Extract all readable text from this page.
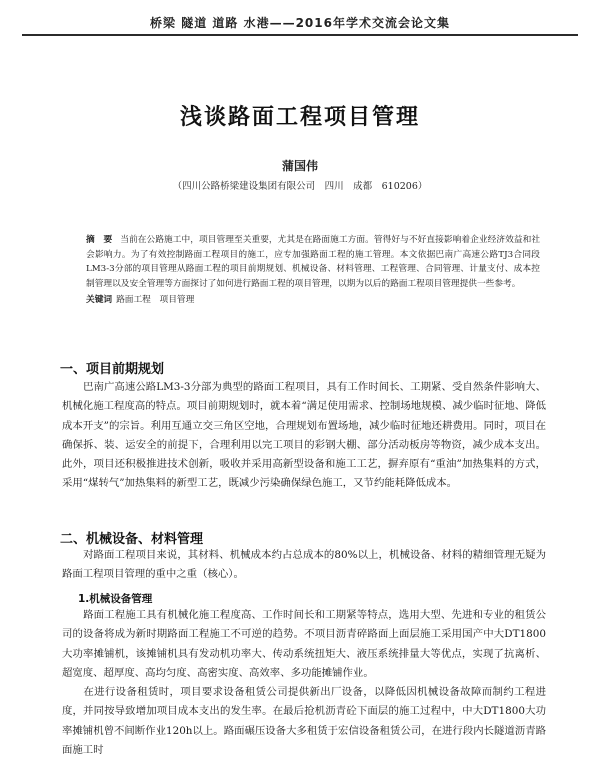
桥梁 隧道 道路 水港——2016年学术交流会论文集
浅谈路面工程项目管理
蒲国伟
（四川公路桥梁建设集团有限公司　四川　成都　610206）
摘　要 当前在公路施工中，项目管理至关重要，尤其是在路面施工方面。管得好与不好直接影响着企业经济效益和社会影响力。为了有效控制路面工程项目的施工，应专加强路面工程的施工管理。本文依据巴南广高速公路TJ3合同段LM3-3分部的项目管理从路面工程的项目前期规划、机械设备、材料管理、工程管理、合同管理、计量支付、成本控制管理以及安全管理等方面探讨了如何进行路面工程的项目管理，以期为以后的路面工程项目管理提供一些参考。
关键词 路面工程　项目管理
一、项目前期规划
巴南广高速公路LM3-3分部为典型的路面工程项目，具有工作时间长、工期紧、受自然条件影响大、机械化施工程度高的特点。项目前期规划时，就本着“满足使用需求、控制场地规模、减少临时征地、降低成本开支”的宗旨。利用互通立交三角区空地，合理规划布置场地，减少临时征地还耕费用。同时，项目在确保拆、装、运安全的前提下，合理利用以完工项目的彩钢大棚、部分活动板房等物资，减少成本支出。此外，项目还积极推进技术创新，吸收并采用高新型设备和施工工艺，摒弃原有“重油”加热集料的方式，采用“煤转气”加热集料的新型工艺，既减少污染确保绿色施工，又节约能耗降低成本。
二、机械设备、材料管理
对路面工程项目来说，其材料、机械成本约占总成本的80%以上，机械设备、材料的精细管理无疑为路面工程项目管理的重中之重（核心）。
1.机械设备管理
路面工程施工具有机械化施工程度高、工作时间长和工期紧等特点，选用大型、先进和专业的租赁公司的设备将成为新时期路面工程施工不可逆的趋势。不项目沥青碎路面上面层施工采用国产中大DT1800大功率摊铺机，该摊铺机具有发动机功率大、传动系统扭矩大、液压系统排量大等优点，实现了抗离析、超宽度、超厚度、高均匀度、高密实度、高效率、多功能摊铺作业。
在进行设备租赁时，项目要求设备租赁公司提供新出厂设备，以降低因机械设备故障而制约工程进度，并同按导致增加项目成本支出的发生率。在最后抢机沥青砼下面层的施工过程中，中大DT1800大功率摊铺机曾不间断作业120h以上。路面碾压设备大多租赁于宏信设备租赁公司，在进行段内长隧道沥青路面施工时
